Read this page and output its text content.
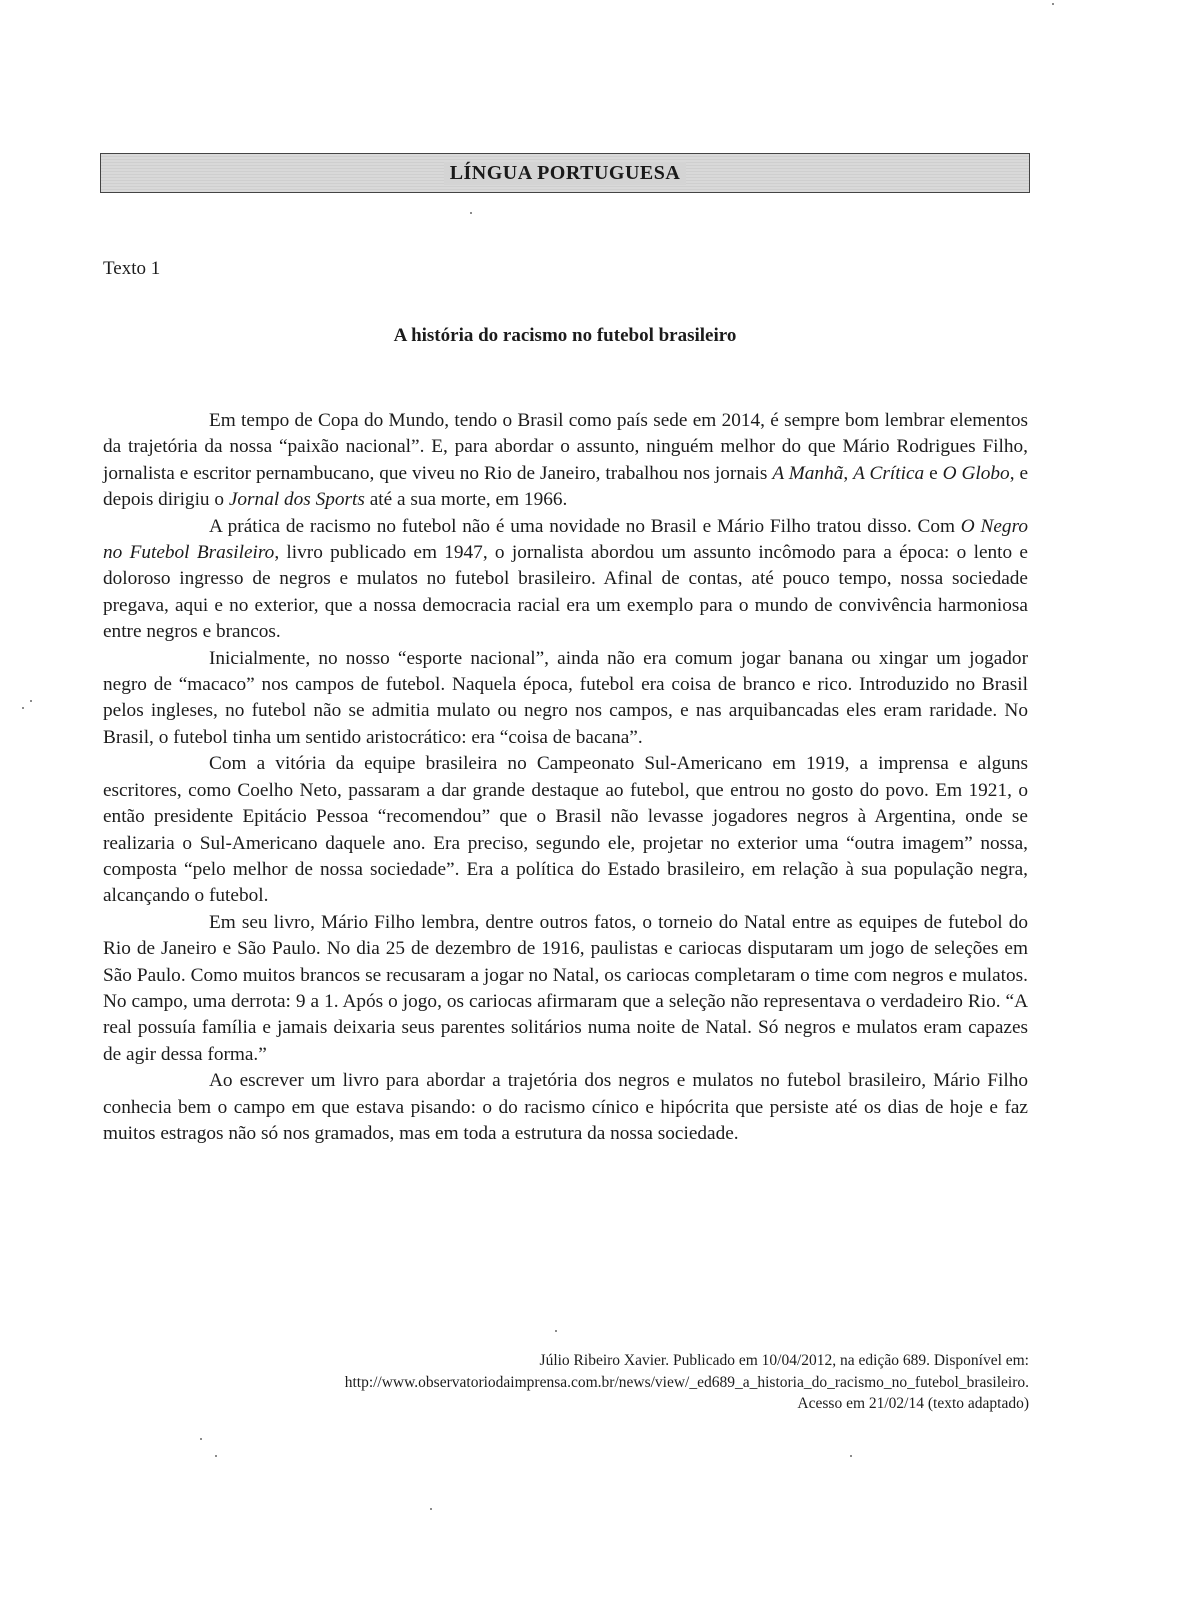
LÍNGUA PORTUGUESA
Texto 1
A história do racismo no futebol brasileiro

Em tempo de Copa do Mundo, tendo o Brasil como país sede em 2014, é sempre bom lembrar elementos da trajetória da nossa “paixão nacional”. E, para abordar o assunto, ninguém melhor do que Mário Rodrigues Filho, jornalista e escritor pernambucano, que viveu no Rio de Janeiro, trabalhou nos jornais A Manhã, A Crítica e O Globo, e depois dirigiu o Jornal dos Sports até a sua morte, em 1966.

A prática de racismo no futebol não é uma novidade no Brasil e Mário Filho tratou disso. Com O Negro no Futebol Brasileiro, livro publicado em 1947, o jornalista abordou um assunto incômodo para a época: o lento e doloroso ingresso de negros e mulatos no futebol brasileiro. Afinal de contas, até pouco tempo, nossa sociedade pregava, aqui e no exterior, que a nossa democracia racial era um exemplo para o mundo de convivência harmoniosa entre negros e brancos.

Inicialmente, no nosso “esporte nacional”, ainda não era comum jogar banana ou xingar um jogador negro de “macaco” nos campos de futebol. Naquela época, futebol era coisa de branco e rico. Introduzido no Brasil pelos ingleses, no futebol não se admitia mulato ou negro nos campos, e nas arquibancadas eles eram raridade. No Brasil, o futebol tinha um sentido aristocrático: era “coisa de bacana”.

Com a vitória da equipe brasileira no Campeonato Sul-Americano em 1919, a imprensa e alguns escritores, como Coelho Neto, passaram a dar grande destaque ao futebol, que entrou no gosto do povo. Em 1921, o então presidente Epitácio Pessoa “recomendou” que o Brasil não levasse jogadores negros à Argentina, onde se realizaria o Sul-Americano daquele ano. Era preciso, segundo ele, projetar no exterior uma “outra imagem” nossa, composta “pelo melhor de nossa sociedade”. Era a política do Estado brasileiro, em relação à sua população negra, alcançando o futebol.

Em seu livro, Mário Filho lembra, dentre outros fatos, o torneio do Natal entre as equipes de futebol do Rio de Janeiro e São Paulo. No dia 25 de dezembro de 1916, paulistas e cariocas disputaram um jogo de seleções em São Paulo. Como muitos brancos se recusaram a jogar no Natal, os cariocas completaram o time com negros e mulatos. No campo, uma derrota: 9 a 1. Após o jogo, os cariocas afirmaram que a seleção não representava o verdadeiro Rio. “A real possuía família e jamais deixaria seus parentes solitários numa noite de Natal. Só negros e mulatos eram capazes de agir dessa forma.”

Ao escrever um livro para abordar a trajetória dos negros e mulatos no futebol brasileiro, Mário Filho conhecia bem o campo em que estava pisando: o do racismo cínico e hipócrita que persiste até os dias de hoje e faz muitos estragos não só nos gramados, mas em toda a estrutura da nossa sociedade.

Júlio Ribeiro Xavier. Publicado em 10/04/2012, na edição 689. Disponível em:
http://www.observatoriodaimprensa.com.br/news/view/_ed689_a_historia_do_racismo_no_futebol_brasileiro.
Acesso em 21/02/14 (texto adaptado)
